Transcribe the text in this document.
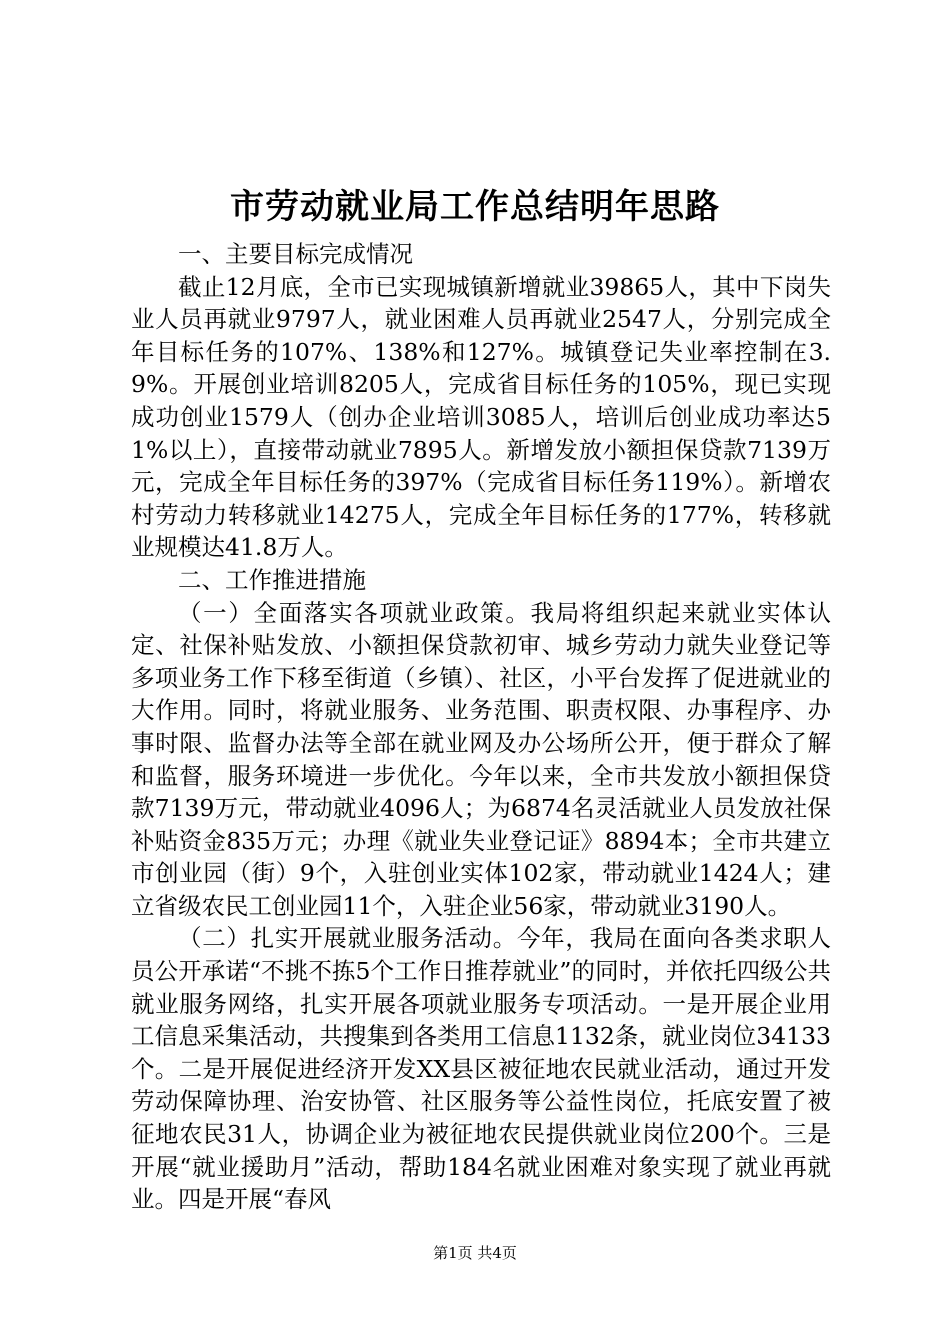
市劳动就业局工作总结明年思路

一、主要目标完成情况

截止12月底，全市已实现城镇新增就业39865人，其中下岗失业人员再就业9797人，就业困难人员再就业2547人，分别完成全年目标任务的107%、138%和127%。城镇登记失业率控制在3.9%。开展创业培训8205人，完成省目标任务的105%，现已实现成功创业1579人（创办企业培训3085人，培训后创业成功率达51%以上），直接带动就业7895人。新增发放小额担保贷款7139万元，完成全年目标任务的397%（完成省目标任务119%）。新增农村劳动力转移就业14275人，完成全年目标任务的177%，转移就业规模达41.8万人。

二、工作推进措施

（一）全面落实各项就业政策。我局将组织起来就业实体认定、社保补贴发放、小额担保贷款初审、城乡劳动力就失业登记等多项业务工作下移至街道（乡镇）、社区，小平台发挥了促进就业的大作用。同时，将就业服务、业务范围、职责权限、办事程序、办事时限、监督办法等全部在就业网及办公场所公开，便于群众了解和监督，服务环境进一步优化。今年以来，全市共发放小额担保贷款7139万元，带动就业4096人；为6874名灵活就业人员发放社保补贴资金835万元；办理《就业失业登记证》8894本；全市共建立市创业园（街）9个，入驻创业实体102家，带动就业1424人；建立省级农民工创业园11个，入驻企业56家，带动就业3190人。

（二）扎实开展就业服务活动。今年，我局在面向各类求职人员公开承诺“不挑不拣5个工作日推荐就业”的同时，并依托四级公共就业服务网络，扎实开展各项就业服务专项活动。一是开展企业用工信息采集活动，共搜集到各类用工信息1132条，就业岗位34133个。二是开展促进经济开发XX县区被征地农民就业活动，通过开发劳动保障协理、治安协管、社区服务等公益性岗位，托底安置了被征地农民31人，协调企业为被征地农民提供就业岗位200个。三是开展“就业援助月”活动，帮助184名就业困难对象实现了就业再就业。四是开展“春风

第1页 共4页
